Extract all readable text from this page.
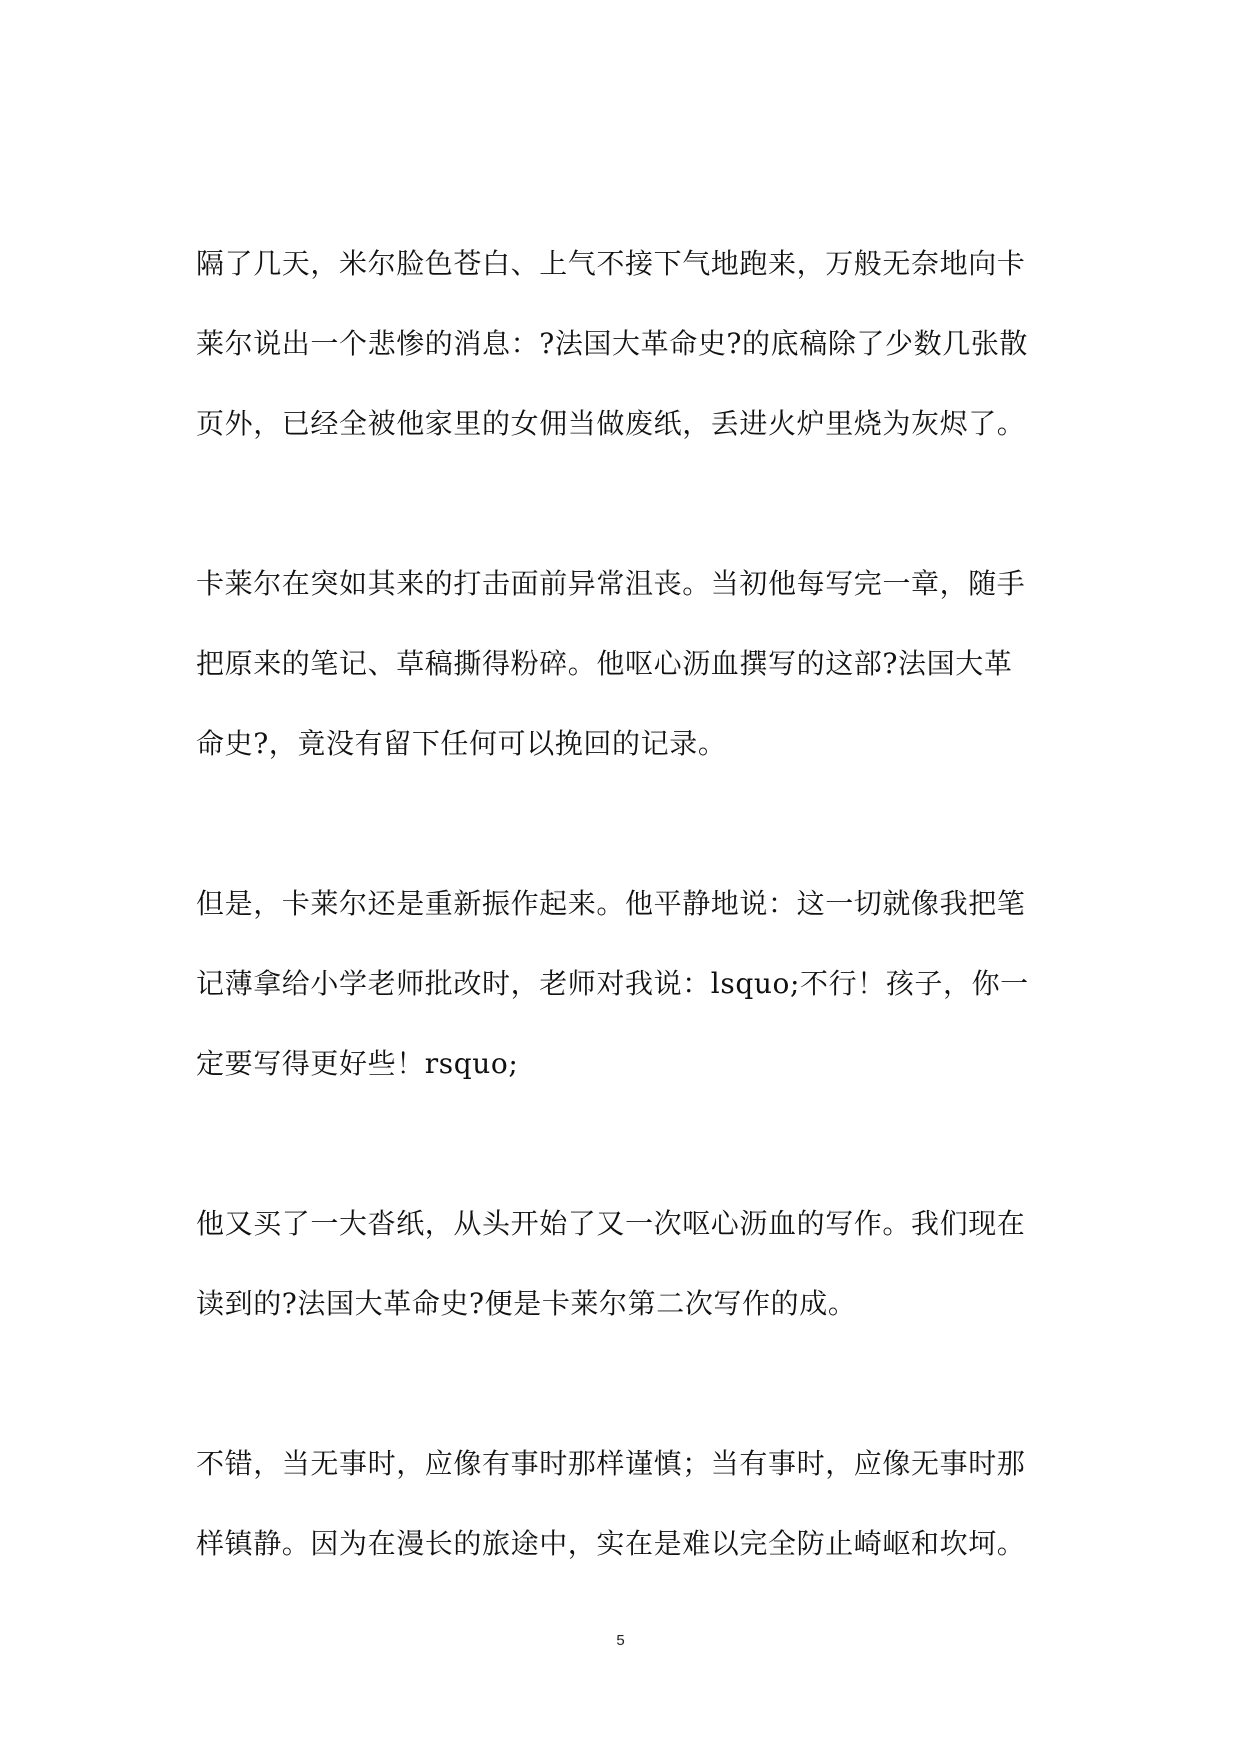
隔了几天，米尔脸色苍白、上气不接下气地跑来，万般无奈地向卡
莱尔说出一个悲惨的消息：?法国大革命史?的底稿除了少数几张散
页外，已经全被他家里的女佣当做废纸，丢进火炉里烧为灰烬了。
卡莱尔在突如其来的打击面前异常沮丧。当初他每写完一章，随手
把原来的笔记、草稿撕得粉碎。他呕心沥血撰写的这部?法国大革
命史?，竟没有留下任何可以挽回的记录。
但是，卡莱尔还是重新振作起来。他平静地说：这一切就像我把笔
记薄拿给小学老师批改时，老师对我说：lsquo;不行！孩子，你一
定要写得更好些！rsquo;
他又买了一大沓纸，从头开始了又一次呕心沥血的写作。我们现在
读到的?法国大革命史?便是卡莱尔第二次写作的成。
不错，当无事时，应像有事时那样谨慎；当有事时，应像无事时那
样镇静。因为在漫长的旅途中，实在是难以完全防止崎岖和坎坷。
5
